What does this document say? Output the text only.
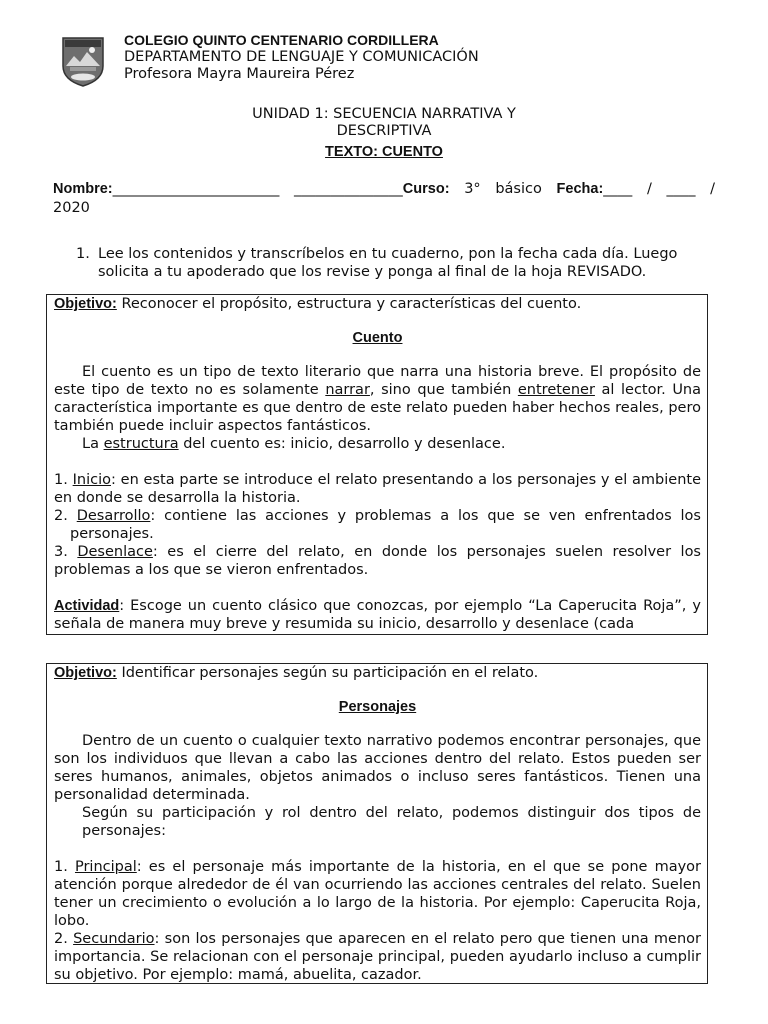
COLEGIO QUINTO CENTENARIO CORDILLERA
DEPARTAMENTO DE LENGUAJE Y COMUNICACIÓN
Profesora Mayra Maureira Pérez
UNIDAD 1: SECUENCIA NARRATIVA Y
DESCRIPTIVA
TEXTO: CUENTO
Nombre:_______________________ _______________Curso: 3° básico Fecha:____ / ____ /
2020
1. Lee los contenidos y transcríbelos en tu cuaderno, pon la fecha cada día. Luego solicita a tu apoderado que los revise y ponga al final de la hoja REVISADO.
Objetivo: Reconocer el propósito, estructura y características del cuento.
Cuento
El cuento es un tipo de texto literario que narra una historia breve. El propósito de este tipo de texto no es solamente narrar, sino que también entretener al lector. Una característica importante es que dentro de este relato pueden haber hechos reales, pero también puede incluir aspectos fantásticos.
La estructura del cuento es: inicio, desarrollo y desenlace.
1. Inicio: en esta parte se introduce el relato presentando a los personajes y el ambiente en donde se desarrolla la historia.
2. Desarrollo: contiene las acciones y problemas a los que se ven enfrentados los personajes.
3. Desenlace: es el cierre del relato, en donde los personajes suelen resolver los problemas a los que se vieron enfrentados.
Actividad: Escoge un cuento clásico que conozcas, por ejemplo “La Caperucita Roja”, y señala de manera muy breve y resumida su inicio, desarrollo y desenlace (cada
Objetivo: Identificar personajes según su participación en el relato.
Personajes
Dentro de un cuento o cualquier texto narrativo podemos encontrar personajes, que son los individuos que llevan a cabo las acciones dentro del relato. Estos pueden ser seres humanos, animales, objetos animados o incluso seres fantásticos. Tienen una personalidad determinada.
Según su participación y rol dentro del relato, podemos distinguir dos tipos de personajes:
1. Principal: es el personaje más importante de la historia, en el que se pone mayor atención porque alrededor de él van ocurriendo las acciones centrales del relato. Suelen tener un crecimiento o evolución a lo largo de la historia. Por ejemplo: Caperucita Roja, lobo.
2. Secundario: son los personajes que aparecen en el relato pero que tienen una menor importancia. Se relacionan con el personaje principal, pueden ayudarlo incluso a cumplir su objetivo. Por ejemplo: mamá, abuelita, cazador.
